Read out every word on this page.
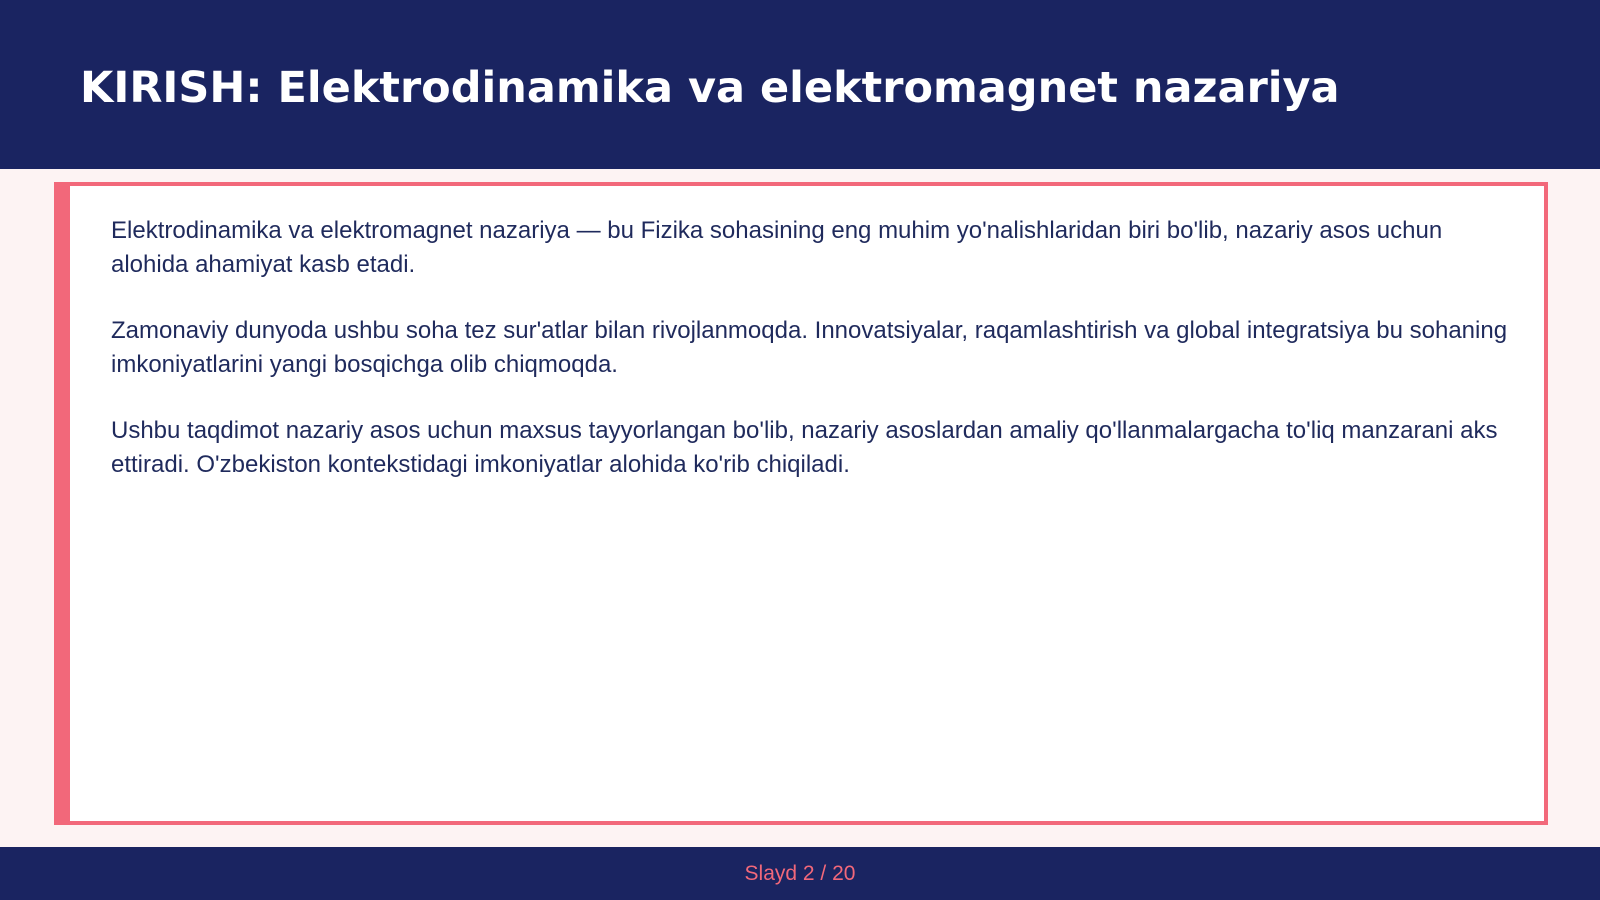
KIRISH: Elektrodinamika va elektromagnet nazariya

Elektrodinamika va elektromagnet nazariya — bu Fizika sohasining eng muhim yo'nalishlaridan biri bo'lib, nazariy asos uchun alohida ahamiyat kasb etadi.

Zamonaviy dunyoda ushbu soha tez sur'atlar bilan rivojlanmoqda. Innovatsiyalar, raqamlashtirish va global integratsiya bu sohaning imkoniyatlarini yangi bosqichga olib chiqmoqda.

Ushbu taqdimot nazariy asos uchun maxsus tayyorlangan bo'lib, nazariy asoslardan amaliy qo'llanmalargacha to'liq manzarani aks ettiradi. O'zbekiston kontekstidagi imkoniyatlar alohida ko'rib chiqiladi.

Slayd 2 / 20
